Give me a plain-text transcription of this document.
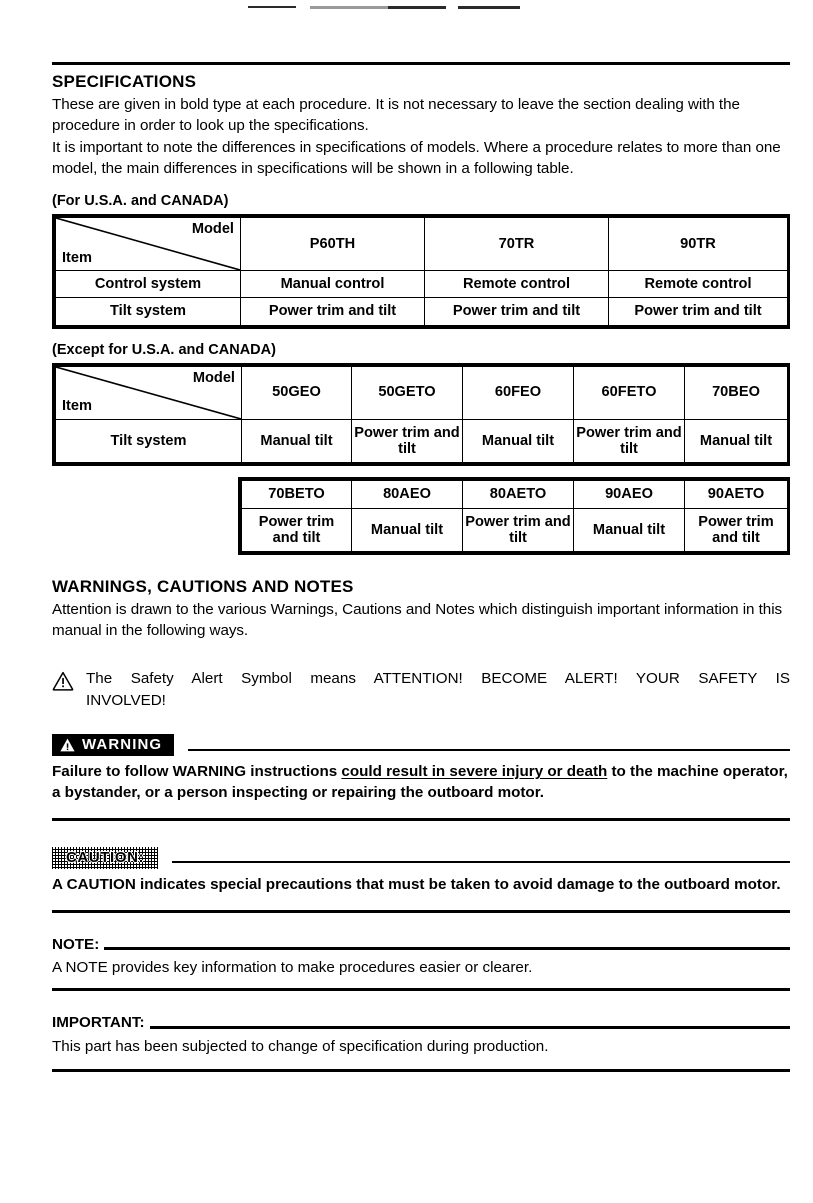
SPECIFICATIONS

These are given in bold type at each procedure. It is not necessary to leave the section dealing with the procedure in order to look up the specifications.

It is important to note the differences in specifications of models. Where a procedure relates to more than one model, the main differences in specifications will be shown in a following table.

(For U.S.A. and CANADA)
Model
Item	P60TH	70TR	90TR
Control system	Manual control	Remote control	Remote control
Tilt system	Power trim and tilt	Power trim and tilt	Power trim and tilt
(Except for U.S.A. and CANADA)
Model
Item	50GEO	50GETO	60FEO	60FETO	70BEO
Tilt system	Manual tilt	Power trim and tilt	Manual tilt	Power trim and tilt	Manual tilt
70BETO	80AEO	80AETO	90AEO	90AETO
Power trim and tilt	Manual tilt	Power trim and tilt	Manual tilt	Power trim and tilt
WARNINGS, CAUTIONS AND NOTES

Attention is drawn to the various Warnings, Cautions and Notes which distinguish important information in this manual in the following ways.

The Safety Alert Symbol means ATTENTION! BECOME ALERT! YOUR SAFETY IS
INVOLVED!
WARNING

Failure to follow WARNING instructions could result in severe injury or death to the machine operator, a bystander, or a person inspecting or repairing the outboard motor.

CAUTION:

A CAUTION indicates special precautions that must be taken to avoid damage to the outboard motor.

NOTE:

A NOTE provides key information to make procedures easier or clearer.

IMPORTANT:

This part has been subjected to change of specification during production.
